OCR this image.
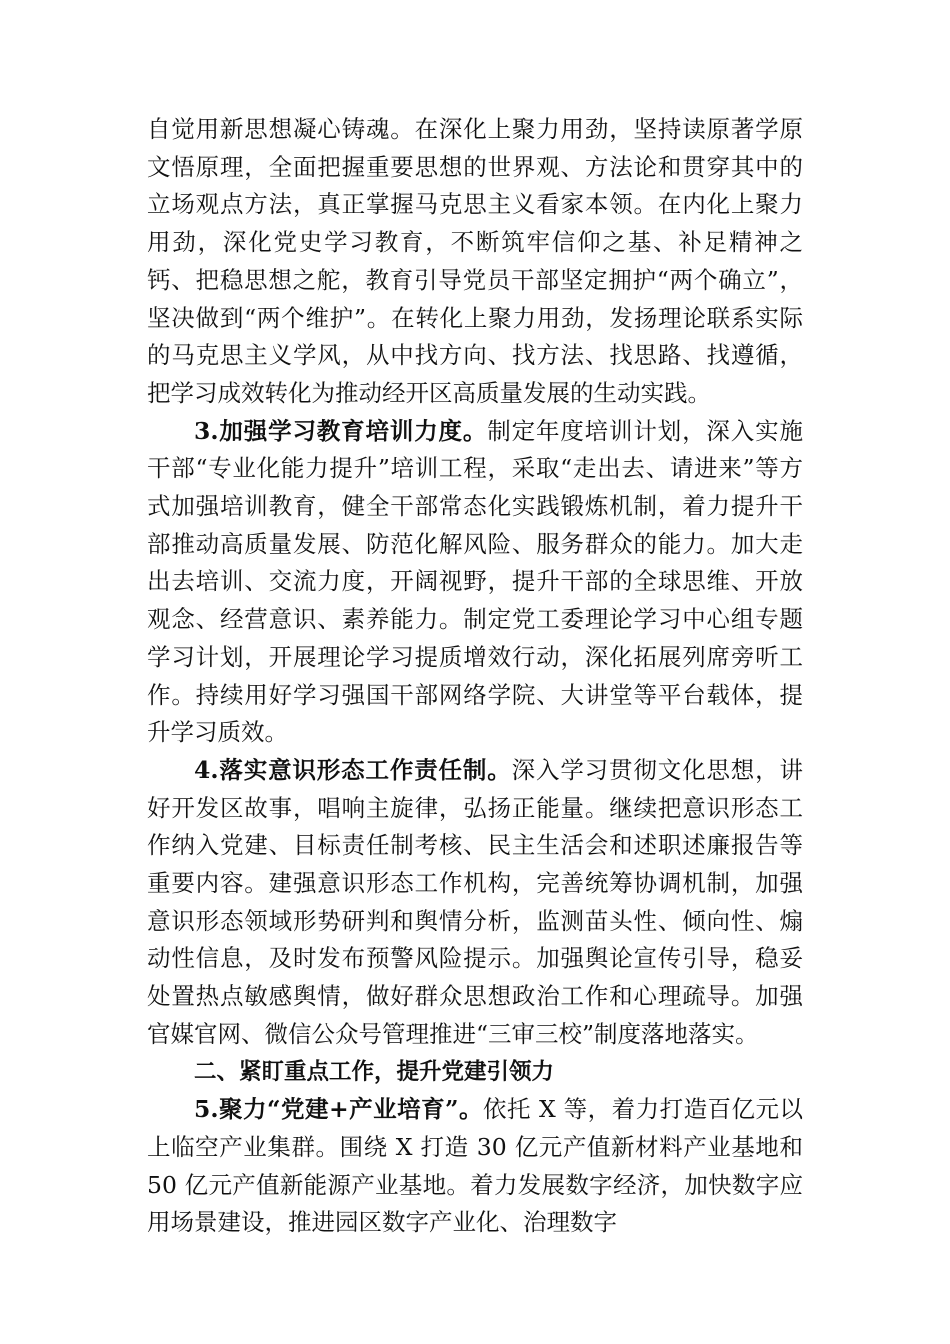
自觉用新思想凝心铸魂。在深化上聚力用劲，坚持读原著学原文悟原理，全面把握重要思想的世界观、方法论和贯穿其中的立场观点方法，真正掌握马克思主义看家本领。在内化上聚力用劲，深化党史学习教育，不断筑牢信仰之基、补足精神之钙、把稳思想之舵，教育引导党员干部坚定拥护“两个确立”，坚决做到“两个维护”。在转化上聚力用劲，发扬理论联系实际的马克思主义学风，从中找方向、找方法、找思路、找遵循，把学习成效转化为推动经开区高质量发展的生动实践。

3.加强学习教育培训力度。制定年度培训计划，深入实施干部“专业化能力提升”培训工程，采取“走出去、请进来”等方式加强培训教育，健全干部常态化实践锻炼机制，着力提升干部推动高质量发展、防范化解风险、服务群众的能力。加大走出去培训、交流力度，开阔视野，提升干部的全球思维、开放观念、经营意识、素养能力。制定党工委理论学习中心组专题学习计划，开展理论学习提质增效行动，深化拓展列席旁听工作。持续用好学习强国干部网络学院、大讲堂等平台载体，提升学习质效。

4.落实意识形态工作责任制。深入学习贯彻文化思想，讲好开发区故事，唱响主旋律，弘扬正能量。继续把意识形态工作纳入党建、目标责任制考核、民主生活会和述职述廉报告等重要内容。建强意识形态工作机构，完善统筹协调机制，加强意识形态领域形势研判和舆情分析，监测苗头性、倾向性、煽动性信息，及时发布预警风险提示。加强舆论宣传引导，稳妥处置热点敏感舆情，做好群众思想政治工作和心理疏导。加强官媒官网、微信公众号管理推进“三审三校”制度落地落实。

二、紧盯重点工作，提升党建引领力

5.聚力“党建+产业培育”。依托 X 等，着力打造百亿元以上临空产业集群。围绕 X 打造 30 亿元产值新材料产业基地和 50 亿元产值新能源产业基地。着力发展数字经济，加快数字应用场景建设，推进园区数字产业化、治理数字
